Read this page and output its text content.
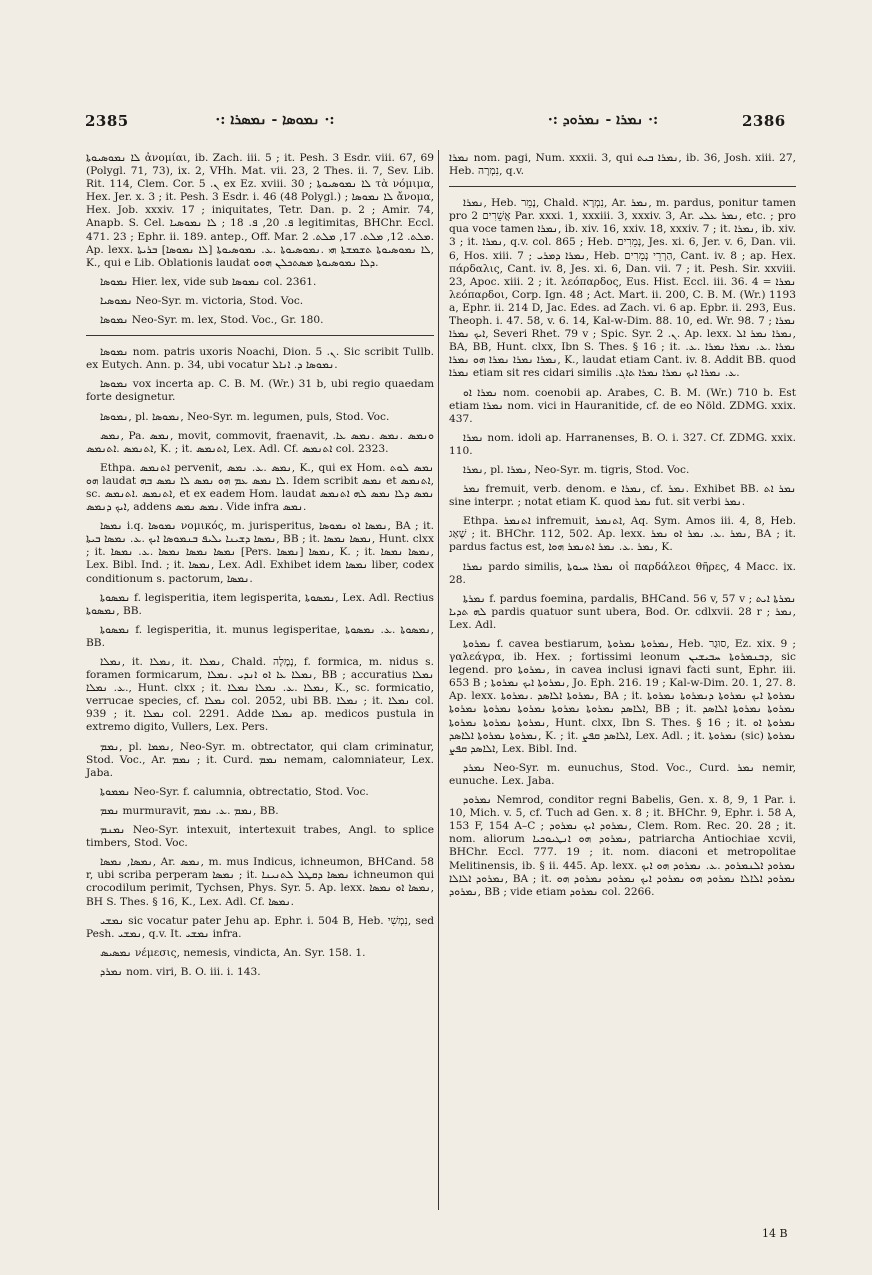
2385	:· ܢܡܘܣܐ - ܢܡܣܪܐ :·	:· ܢܡܪܐ - ܢܡܪܘܕ :·	2386

ܠܐ ܢܡܘܣܝܘܬܐ ἀνομίαι, ib. Zach. iii. 5 ; it. Pesh. 3 Esdr. viii. 67, 69 (Polygl. 71, 73), ix. 2, VHh. Mat. vii. 23, 2 Thes. ii. 7, Sev. Lib. Rit. 114, Clem. Cor. ܢ. 5 ex Ez. xviii. 30 ; ܠܐ ܢܡܘܣܝܘܬܐ τὰ νόμιμα, Hex. Jer. x. 3 ; it. Pesh. 3 Esdr. i. 46 (48 Polygl.) ; ܠܐ ܢܡܘܣܐ ἄνομα, Hex. Job. xxxiv. 17 ; iniquitates, Tetr. Dan. p. 2 ; Amir. 74, Anapb. S. Cel. ܦ. 20, ܦ. 18 ; ܠܐ ܢܡܘܣܝܐ legitimitas, BHChr. Eccl. 471. 23 ; Ephr. ii. 189. antep., Off. Mar. ܡܠܬ. 12, ܡܠܬ. 17, ܡܠܬ. 2. Ap. lexx. ܠܐ ܢܡܘܣܝܘܬܐ ܬܫܡܫܬܐ ܗܝ .ܢܡܘܣܝܘܬܐ .ܥ. ܢܡܘܣܝܘܬܐ [ܠܐ ܢܡܘܣܐ] ܒܪܝܬܐ, K., qui e Lib. Oblationis laudat ܕܠܐ ܢܡܘܣܝܘܬܐ ܡܣܬܟܠܢ ܗܘܘ.

ܢܡܘܣܐ Hier. lex, vide sub ܢܡܘܣܐ col. 2361.

ܢܡܘܣܝܐ Neo-Syr. m. victoria, Stod. Voc.

ܢܡܘܣܐ Neo-Syr. m. lex, Stod. Voc., Gr. 180.

ܢܡܘܣܐ nom. patris uxoris Noachi, Dion. ܢ. 5. Sic scribit Tullb. ex Eutych. Ann. p. 34, ubi vocatur ܢܡܘܣܐ ܕ. ܐܢܐܠ.

ܢܡܘܣܐ vox incerta ap. C. B. M. (Wr.) 31 b, ubi regio quaedam forte designetur.

ܢܡܘܣܐ, pl. ܢܡܘܣܐ, Neo-Syr. m. legumen, puls, Stod. Voc.

ܢܡܣ, Pa. ܢܡܣ, movit, commovit, fraenavit, ܘܢܡܣ .ܢܡܣ .ܢܡܣ ܥܐ. ܐܬܢܡܣ .ܐܬܢܡܣ, K. ; it. ܐܬܢܡܣ, Lex. Adl. Cf. ܐܬܢܡܣ col. 2323.

Ethpa. ܐܬܢܡܣ pervenit, ܢܡܣ .ܥ. ܢܡܣ, K., qui ex Hom. ܢܡܣ ܠܘܬ ܗܘ laudat ܠܐ ܢܡܣ ܥܡ ܗܘ ܢܡܣ ܠܐ ܢܡܣ ܒܗ. Idem scribit ܢܡܣ et ܐܬܢܡܣ, sc. ܐܬܢܡܣ .ܐܬܢܡܣ, et ex eadem Hom. laudat ܢܡܣ ܕܠܐ ܢܡܣ ܠܗ ܐܬܢܡܣ ܐܝܟ ܕܢܡܣ, addens ܢܡܣ ܢܡܣ. Vide infra ܢܡܣ.

ܢܡܣܐ i.q. ܢܡܘܣܐ νομικός, m. jurisperitus, ܢܡܣܐ ܐܘ ܢܡܘܣܐ, BA ; it. ܢܡܣܐ ܕܫܝܢܐ ܝܠܝܦ ܒܢܡܘܣܐ ܐܝܟ .ܥ. ܢܡܣܐ ܒܝܬܐ, BB ; it. ܢܡܣܐ ܢܡܣܐ, Hunt. clxx ; it. ܢܡܣܐ ܢܡܣܐ ܢܡܣܐ .ܥ. ܢܡܣܐ [Pers. ܢܡܣܐ] ܢܡܣܐ, K. ; it. ܢܡܣܐ ܢܡܣܐ, Lex. Bibl. Ind. ; it. ܢܡܣܐ, Lex. Adl. Exhibet idem ܢܡܣܐ liber, codex conditionum s. pactorum, ܢܡܣܐ.

ܢܡܣܘܬܐ f. legisperitia, item legisperita, ܢܡܣܘܬܐ, Lex. Adl. Rectius ܢܡܣܘܬܐ, BB.

ܢܡܣܘܬܐ f. legisperitia, it. munus legisperitae, ܢܡܣܘܬܐ .ܥ. ܢܡܣܘܬܐ, BB.

ܢܡܠܐ, it. ܢܡܠܐ, it. ܢܡܠܐ, Chald. נְמָלָה, f. formica, m. nidus s. foramen formicarum, ܢܡܠܐ ܥܐ ܐܘ ܐܢܕܝ .ܢܡܠܐ, BB ; accuratius ܢܡܠܐ .ܥ. ܢܡܠܐ, Hunt. clxx ; it. ܢܡܠܐ .ܥ. ܢܡܠܐ ܢܡܠܐ, K., sc. formicatio, verrucae species, cf. ܢܡܠܐ col. 2052, ubi BB. ܢܡܠܐ ; it. ܢܡܠܐ col. 939 ; it. ܢܡܠܐ col. 2291. Adde ܢܡܠܐ ap. medicos pustula in extremo digito, Vullers, Lex. Pers.

ܢܡܡ, pl. ܢܡܡܐ, Neo-Syr. m. obtrectator, qui clam criminatur, Stod. Voc., Ar. ܢܡܡ ; it. Curd. ܢܡܡ nemam, calomniateur, Lex. Jaba.

ܢܡܡܘܬܐ Neo-Syr. f. calumnia, obtrectatio, Stod. Voc.

ܢܡܡ murmuravit, ܢܡܡ .ܥ. ܢܡܡ, BB.

ܢܡܢܡ Neo-Syr. intexuit, intertexuit trabes, Angl. to splice timbers, Stod. Voc.

ܢܡܣܐ, ܢܡܣܐ, Ar. ܢܡܣ, m. mus Indicus, ichneumon, BHCand. 58 r, ubi scriba perperam ܢܡܣܐ ; it. ܢܡܣܐ ܕܩܛܠ ܠܬܢܝܢܐ ichneumon qui crocodilum perimit, Tychsen, Phys. Syr. 5. Ap. lexx. ܢܡܣܐ ܐܘ ܢܡܣܐ, BH S. Thes. § 16, K., Lex. Adl. Cf. ܢܡܣܐ.

ܢܡܫܝ sic vocatur pater Jehu ap. Ephr. i. 504 B, Heb. נִמְשִׁי, sed Pesh. ܢܡܫܝ, q.v. It. ܢܡܫܝ infra.

ܢܡܣܝܣ νέμεσις, nemesis, vindicta, An. Syr. 158. 1.

ܢܡܪܕ nom. viri, B. O. iii. i. 143.

ܢܡܪܐ nom. pagi, Num. xxxii. 3, qui ܢܡܪܐ ܒܝܬ, ib. 36, Josh. xiii. 27, Heb. נִמְרָה, q.v.

ܢܡܪܐ, Heb. נָמֵר, Chald. נִמְרָא, Ar. ܢܡܪ, m. pardus, ponitur tamen pro אֲשֵׁרִים 2 Par. xxxi. 1, xxxiii. 3, xxxiv. 3, Ar. ܢܡܪ ܥܠܝ, etc. ; pro qua voce tamen ܢܡܪܐ, ib. xiv. 16, xxiv. 18, xxxiv. 7 ; it. ܢܡܪܐ, ib. xiv. 3 ; it. ܢܡܪܐ, q.v. col. 865 ; Heb. נְמֵרִים, Jes. xi. 6, Jer. v. 6, Dan. vii. 6, Hos. xiii. 7 ; ܢܡܪܐ ܕܡܪܝ, Heb. הַרְרֵי נְמֵרִים, Cant. iv. 8 ; ap. Hex. πάρδαλις, Cant. iv. 8, Jes. xi. 6, Dan. vii. 7 ; it. Pesh. Sir. xxviii. 23, Apoc. xiii. 2 ; it. λεόπαρδος, Eus. Hist. Eccl. iii. 36. 4 = ܢܡܪܐ λεόπαρδοι, Corp. Ign. 48 ; Act. Mart. ii. 200, C. B. M. (Wr.) 1193 a, Ephr. ii. 214 D, Jac. Edes. ad Zach. vi. 6 ap. Epbr. ii. 293, Eus. Theoph. i. 47. 58, v. 6. 14, Kal-w-Dim. 88. 10, ed. Wr. 98. 7 ; ܢܡܪܐ ܐܝܟ ܢܡܪܐ, Severi Rhet. 79 v ; Spic. Syr. ܢ. 2. Ap. lexx. ܢܡܪܐ ܢܡܪ ܐܠ, BA, BB, Hunt. clxx, Ibn S. Thes. § 16 ; it. ܢܡܪܐ .ܥ. ܢܡܪܐ ܢܡܪܐ .ܥ. ܢܡܪܐ ܢܡܪܐ ܢܡܪܐ ܗܘ ܢܡܪܐ, K., laudat etiam Cant. iv. 8. Addit BB. quod ܢܡܪܐ etiam sit res cidari similis .ܥ. ܢܡܪܐ ܐܝܟ ܢܡܪܐ ܢܡܪܐ ܬܐܓ.

ܢܡܪܐ ܐܘ nom. coenobii ap. Arabes, C. B. M. (Wr.) 710 b. Est etiam ܢܡܪܐ nom. vici in Hauranitide, cf. de eo Nöld. ZDMG. xxix. 437.

ܢܡܪܐ nom. idoli ap. Harranenses, B. O. i. 327. Cf. ZDMG. xxix. 110.

ܢܡܪܐ, pl. ܢܡܪܐ, Neo-Syr. m. tigris, Stod. Voc.

ܢܡܪ fremuit, verb. denom. e ܢܡܪܐ, cf. ܢܡܪ. Exhibet BB. ܢܡܪ ܐܬ sine interpr. ; notat etiam K. quod ܢܡܪ fut. sit verbi ܢܡܪ.

Ethpa. ܐܬܢܡܪ infremuit, ܐܬܢܡܪ, Aq. Sym. Amos iii. 4, 8, Heb. שָׁאַג ; it. BHChr. 112, 502. Ap. lexx. ܢܡܪ .ܥ. ܢܡܪ ܐܘ ܢܡܪ, BA ; it. pardus factus est, ܢܡܪ .ܥ. ܢܡܪ ܐܬܢܡܪ ܗܘܐ, K.

ܢܡܪܐ pardo similis, ܢܡܪܐ ܚܝܘܬܐ οἱ παρδάλεοι θῆρες, 4 Macc. ix. 28.

ܢܡܪܬܐ f. pardus foemina, pardalis, BHCand. 56 v, 57 v ; ܢܡܪܬܐ ܐܝܬ ܠܗ ܬܕܝܐ pardis quatuor sunt ubera, Bod. Or. cdlxvii. 28 r ; ܢܡܪ, Lex. Adl.

ܢܡܪܘܬܐ f. cavea bestiarum, ܢܡܪܘܬܐ ܢܡܪܘܬܐ, Heb. סוּגַר, Ez. xix. 9 ; γαλεάγρα, ib. Hex. ; fortissimi leonum ܕܒܢܡܪܘܬܐ ܚܒܝܫܝܢ, sic legend. pro ܢܡܪܘܬܐ, in cavea inclusi ignavi facti sunt, Ephr. iii. 653 B ; ܢܡܪܘܬܐ ܐܝܟ ܢܡܪܘܬܐ, Jo. Eph. 216. 19 ; Kal-w-Dim. 20. 1, 27. 8. Ap. lexx. ܢܡܪܘܬܐ ܐܠܐܣܕ .ܢܡܪܘܬܐ, BA ; it. ܢܡܪܘܬܐ ܐܝܟ ܢܡܪܘܬܐ ܕܢܡܪܘܬܐ ܢܡܪܘܬܐ ܐܠܐܣܕ ܢܡܪܘܬܐ ܢܡܪܘܬܐ ܢܡܪܘܬܐ ܢܡܪܘܬܐ ܢܡܪܘܬܐ, BB ; it. ܢܡܪܘܬܐ ܢܡܪܘܬܐ ܐܠܐܣܕ ܢܡܪܘܬܐ ܢܡܪܘܬܐ ܢܡܪܘܬܐ, Hunt. clxx, Ibn S. Thes. § 16 ; it. ܢܡܪܘܬܐ ܐܘ ܢܡܪܘܬܐ ܢܡܪܘܬܐ ܐܠܐܣܕ, K. ; it. ܐܠܐܣܕ ܩܦܨ, Lex. Adl. ; it. ܢܡܪܘܬܐ (sic) ܢܡܪܘܬܐ ܐܠܐܣܕ ܩܦܨ, Lex. Bibl. Ind.

ܢܡܪܕ Neo-Syr. m. eunuchus, Stod. Voc., Curd. ܢܡܪ nemir, eunuche. Lex. Jaba.

ܢܡܪܘܕ Nemrod, conditor regni Babelis, Gen. x. 8, 9, 1 Par. i. 10, Mich. v. 5, cf. Tuch ad Gen. x. 8 ; it. BHChr. 9, Ephr. i. 58 A, 153 F, 154 A–C ; ܢܡܪܘܕ ܐܝܟ ܢܡܪܘܕ, Clem. Rom. Rec. 20. 28 ; it. nom. aliorum ܢܡܪܘܕ ܗܘ ܐܢܛܝܘܟܝܐ, patriarcha Antiochiae xcvii, BHChr. Eccl. 777. 19 ; it. nom. diaconi et metropolitae Melitinensis, ib. § ii. 445. Ap. lexx. ܢܡܪܘܕ ܐܠܢܡܪܘܕ .ܥ. ܢܡܪܘܕ ܗܘ ܐܝܟ ܢܡܪܘܕ ܐܠܐܠܐ, BA ; it. ܢܡܪܘܕ ܐܠܐܠܐ ܢܡܪܘܕ ܗܘ ܢܡܪܘܕ ܐܝܟ ܢܡܪܘܕ ܢܡܪܘܕ ܗܘ ܢܡܪܘܕ, BB ; vide etiam ܢܡܪܘܕ col. 2266.

14 B
